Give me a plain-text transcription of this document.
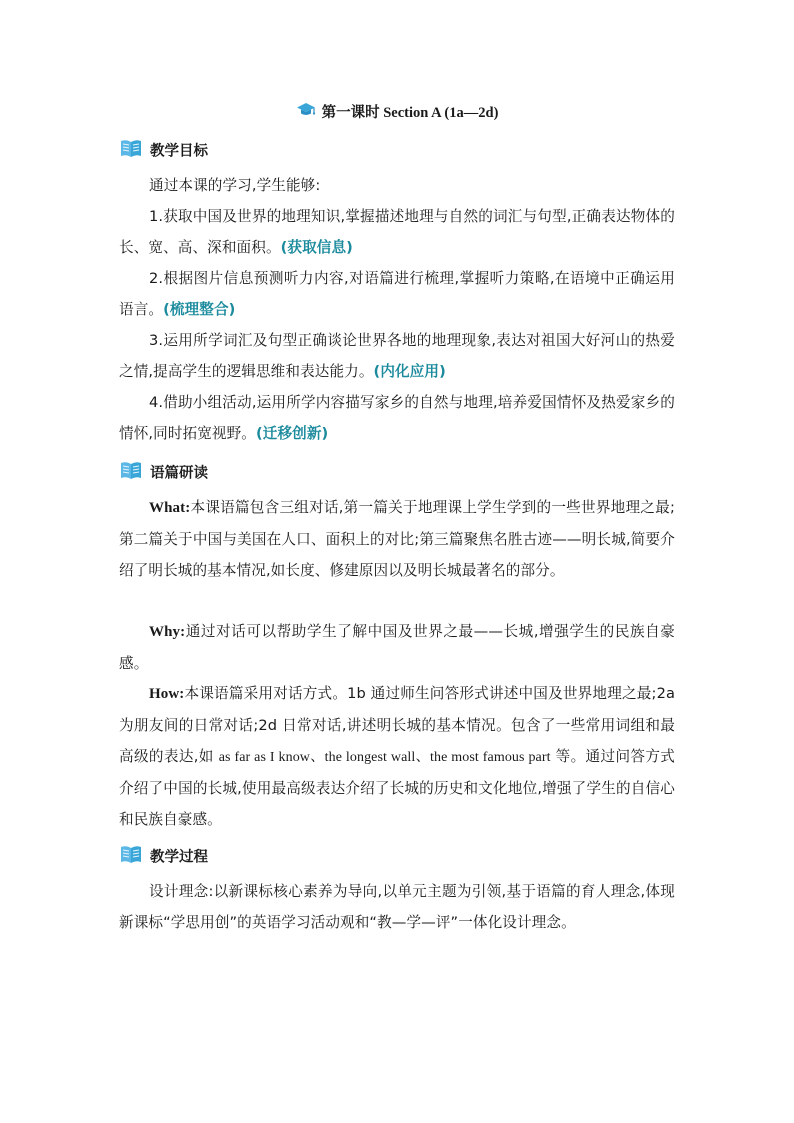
第一课时 Section A (1a—2d)
教学目标
通过本课的学习,学生能够:
1.获取中国及世界的地理知识,掌握描述地理与自然的词汇与句型,正确表达物体的长、宽、高、深和面积。(获取信息)
2.根据图片信息预测听力内容,对语篇进行梳理,掌握听力策略,在语境中正确运用语言。(梳理整合)
3.运用所学词汇及句型正确谈论世界各地的地理现象,表达对祖国大好河山的热爱之情,提高学生的逻辑思维和表达能力。(内化应用)
4.借助小组活动,运用所学内容描写家乡的自然与地理,培养爱国情怀及热爱家乡的情怀,同时拓宽视野。(迁移创新)
语篇研读
What:本课语篇包含三组对话,第一篇关于地理课上学生学到的一些世界地理之最;第二篇关于中国与美国在人口、面积上的对比;第三篇聚焦名胜古迹——明长城,简要介绍了明长城的基本情况,如长度、修建原因以及明长城最著名的部分。
Why:通过对话可以帮助学生了解中国及世界之最——长城,增强学生的民族自豪感。
How:本课语篇采用对话方式。1b 通过师生问答形式讲述中国及世界地理之最;2a 为朋友间的日常对话;2d 日常对话,讲述明长城的基本情况。包含了一些常用词组和最高级的表达,如 as far as I know、the longest wall、the most famous part 等。通过问答方式介绍了中国的长城,使用最高级表达介绍了长城的历史和文化地位,增强了学生的自信心和民族自豪感。
教学过程
设计理念:以新课标核心素养为导向,以单元主题为引领,基于语篇的育人理念,体现新课标“学思用创”的英语学习活动观和“教—学—评”一体化设计理念。
